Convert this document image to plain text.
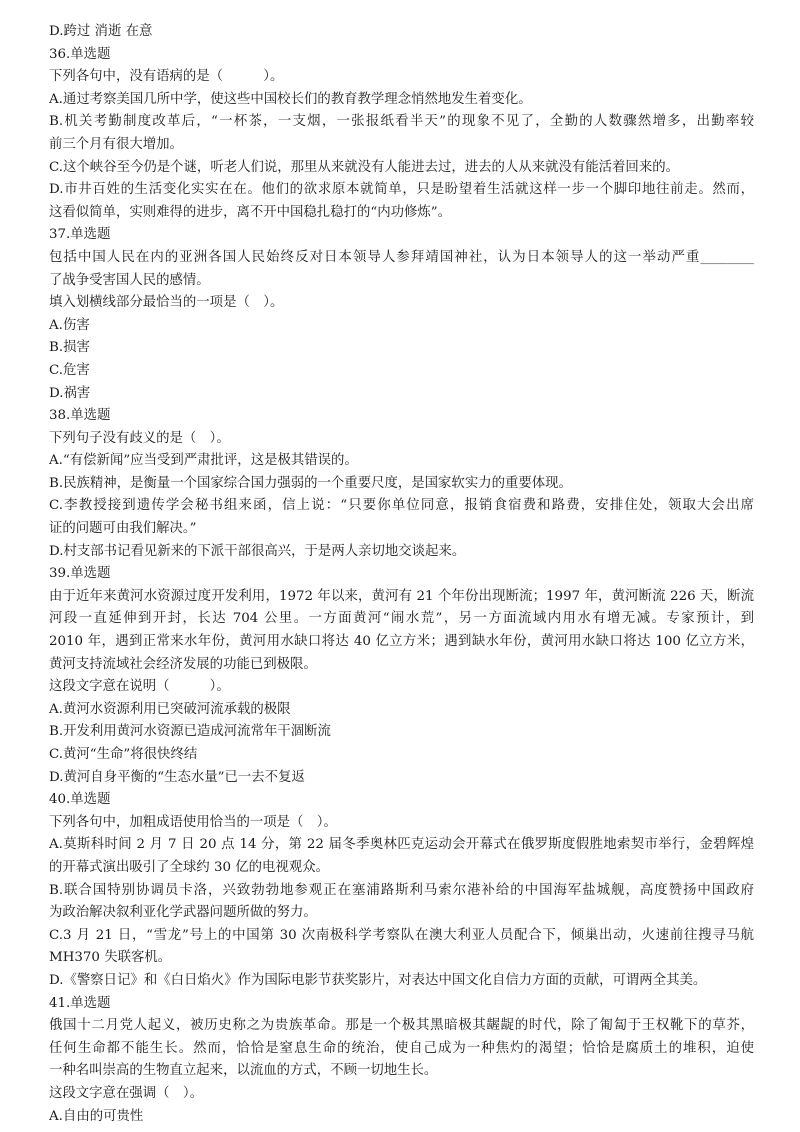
D.跨过 消逝 在意
36.单选题
下列各句中，没有语病的是（　　　）。
A.通过考察美国几所中学，使这些中国校长们的教育教学理念悄然地发生着变化。
B.机关考勤制度改革后，“一杯茶，一支烟，一张报纸看半天”的现象不见了，全勤的人数骤然增多，出勤率较
前三个月有很大增加。
C.这个峡谷至今仍是个谜，听老人们说，那里从来就没有人能进去过，进去的人从来就没有能活着回来的。
D.市井百姓的生活变化实实在在。他们的欲求原本就简单，只是盼望着生活就这样一步一个脚印地往前走。然而，
这看似简单，实则难得的进步，离不开中国稳扎稳打的“内功修炼”。
37.单选题
包括中国人民在内的亚洲各国人民始终反对日本领导人参拜靖国神社，认为日本领导人的这一举动严重________
了战争受害国人民的感情。
填入划横线部分最恰当的一项是（　）。
A.伤害
B.损害
C.危害
D.祸害
38.单选题
下列句子没有歧义的是（　）。
A.“有偿新闻”应当受到严肃批评，这是极其错误的。
B.民族精神，是衡量一个国家综合国力强弱的一个重要尺度，是国家软实力的重要体现。
C.李教授接到遗传学会秘书组来函，信上说：“只要你单位同意，报销食宿费和路费，安排住处，领取大会出席
证的问题可由我们解决。”
D.村支部书记看见新来的下派干部很高兴，于是两人亲切地交谈起来。
39.单选题
由于近年来黄河水资源过度开发利用，1972 年以来，黄河有 21 个年份出现断流；1997 年，黄河断流 226 天，断流
河段一直延伸到开封，长达 704 公里。一方面黄河“闹水荒”，另一方面流域内用水有增无减。专家预计，到
2010 年，遇到正常来水年份，黄河用水缺口将达 40 亿立方米；遇到缺水年份，黄河用水缺口将达 100 亿立方米，
黄河支持流域社会经济发展的功能已到极限。
这段文字意在说明（　　　）。
A.黄河水资源利用已突破河流承载的极限
B.开发利用黄河水资源已造成河流常年干涸断流
C.黄河“生命”将很快终结
D.黄河自身平衡的“生态水量”已一去不复返
40.单选题
下列各句中，加粗成语使用恰当的一项是（　）。
A.莫斯科时间 2 月 7 日 20 点 14 分，第 22 届冬季奥林匹克运动会开幕式在俄罗斯度假胜地索契市举行，金碧辉煌
的开幕式演出吸引了全球约 30 亿的电视观众。
B.联合国特别协调员卡洛，兴致勃勃地参观正在塞浦路斯利马索尔港补给的中国海军盐城舰，高度赞扬中国政府
为政治解决叙利亚化学武器问题所做的努力。
C.3 月 21 日，“雪龙”号上的中国第 30 次南极科学考察队在澳大利亚人员配合下，倾巢出动，火速前往搜寻马航
MH370 失联客机。
D.《警察日记》和《白日焰火》作为国际电影节获奖影片，对表达中国文化自信力方面的贡献，可谓两全其美。
41.单选题
俄国十二月党人起义，被历史称之为贵族革命。那是一个极其黑暗极其龌龊的时代，除了匍匐于王权靴下的草芥，
任何生命都不能生长。然而，恰恰是窒息生命的统治，使自己成为一种焦灼的渴望；恰恰是腐质土的堆积，迫使
一种名叫崇高的生物直立起来，以流血的方式，不顾一切地生长。
这段文字意在强调（　）。
A.自由的可贵性
